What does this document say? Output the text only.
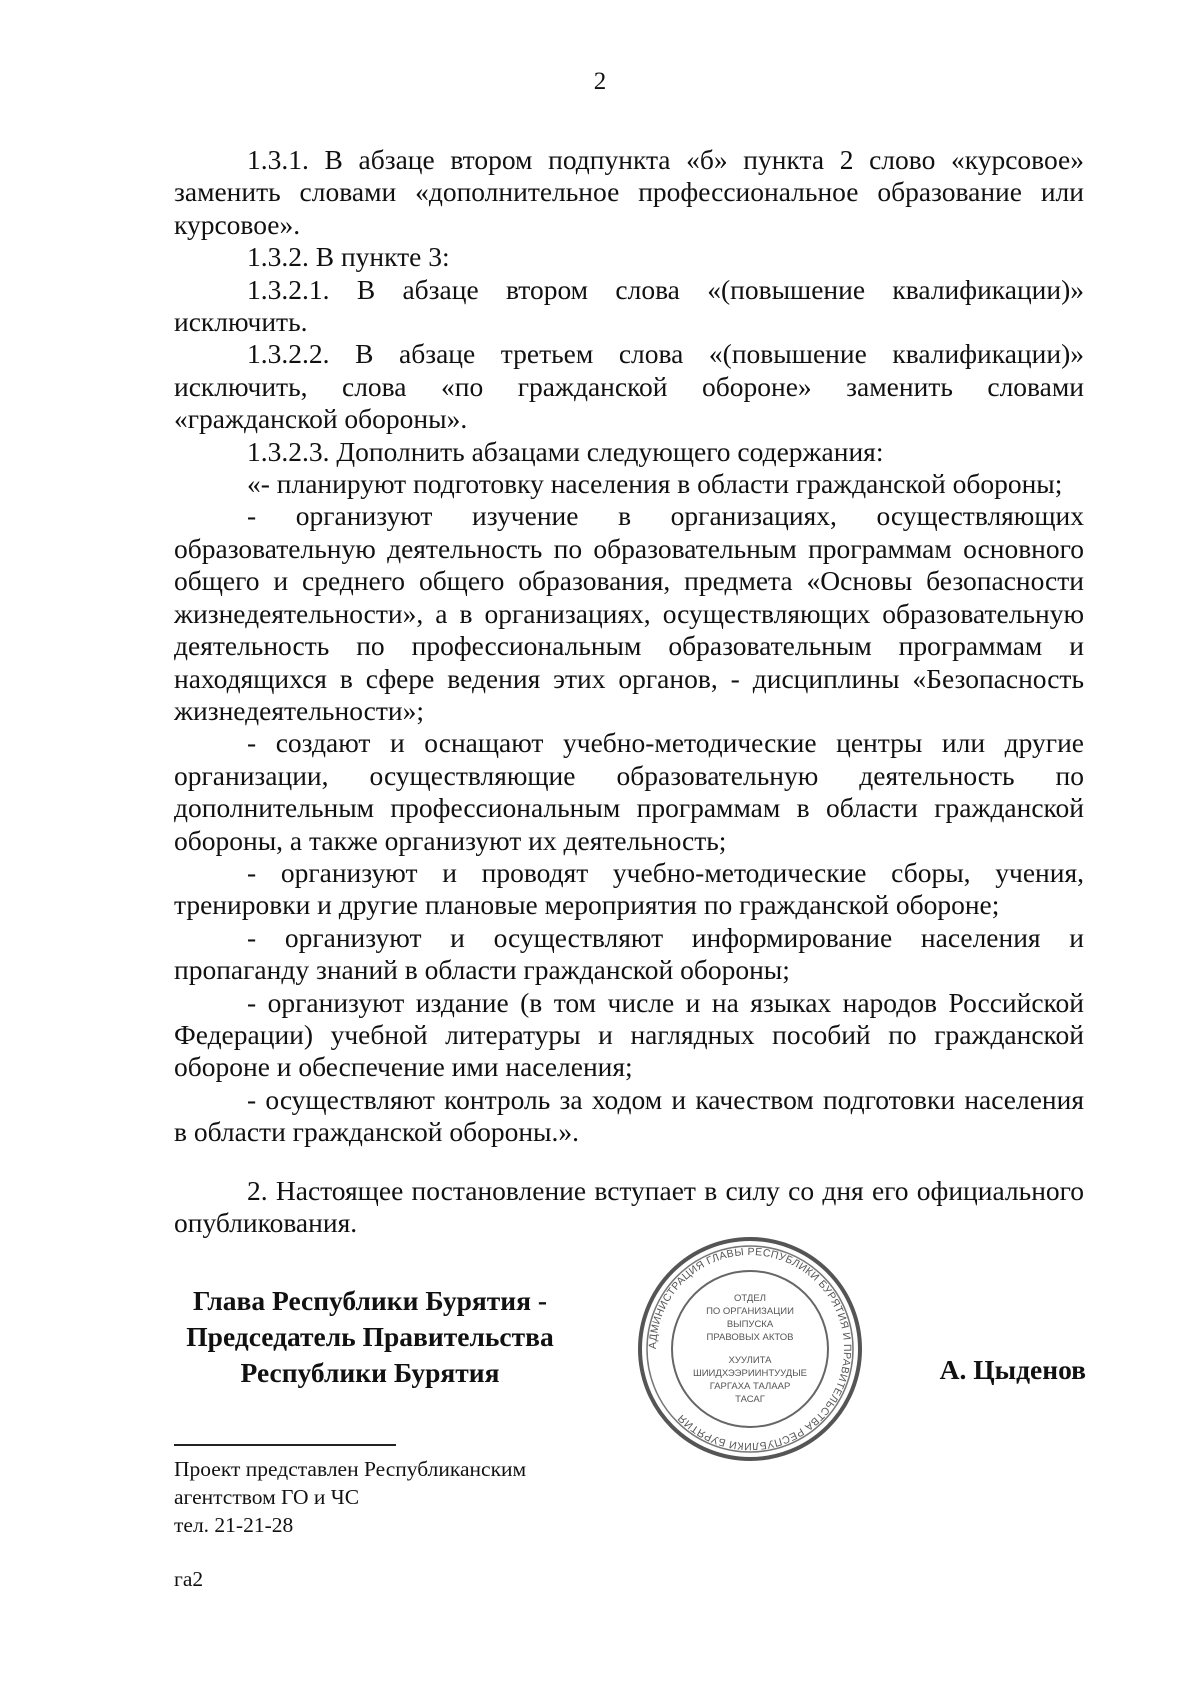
2

1.3.1. В абзаце втором подпункта «б» пункта 2 слово «курсовое» заменить словами «дополнительное профессиональное образование или курсовое».

1.3.2. В пункте 3:

1.3.2.1. В абзаце втором слова «(повышение квалификации)» исключить.

1.3.2.2. В абзаце третьем слова «(повышение квалификации)» исключить, слова «по гражданской обороне» заменить словами «гражданской обороны».

1.3.2.3. Дополнить абзацами следующего содержания:

«- планируют подготовку населения в области гражданской обороны;

- организуют изучение в организациях, осуществляющих образовательную деятельность по образовательным программам основного общего и среднего общего образования, предмета «Основы безопасности жизнедеятельности», а в организациях, осуществляющих образовательную деятельность по профессиональным образовательным программам и находящихся в сфере ведения этих органов, - дисциплины «Безопасность жизнедеятельности»;

- создают и оснащают учебно-методические центры или другие организации, осуществляющие образовательную деятельность по дополнительным профессиональным программам в области гражданской обороны, а также организуют их деятельность;

- организуют и проводят учебно-методические сборы, учения, тренировки и другие плановые мероприятия по гражданской обороне;

- организуют и осуществляют информирование населения и пропаганду знаний в области гражданской обороны;

- организуют издание (в том числе и на языках народов Российской Федерации) учебной литературы и наглядных пособий по гражданской обороне и обеспечение ими населения;

- осуществляют контроль за ходом и качеством подготовки населения в области гражданской обороны.».

2. Настоящее постановление вступает в силу со дня его официального опубликования.

Глава Республики Бурятия -
Председатель Правительства
Республики Бурятия
АДМИНИСТРАЦИЯ ГЛАВЫ РЕСПУБЛИКИ БУРЯТИЯ И ПРАВИТЕЛЬСТВА РЕСПУБЛИКИ БУРЯТИЯ
ОТДЕЛ
ПО ОРГАНИЗАЦИИ
ВЫПУСКА
ПРАВОВЫХ АКТОВ
ХУУЛИТА
ШИИДХЭЭРИИНТУУДЫЕ
ГАРГАХА ТАЛААР
ТАСАГ
А. Цыденов
Проект представлен Республиканским
агентством ГО и ЧС
тел. 21-21-28
га2
